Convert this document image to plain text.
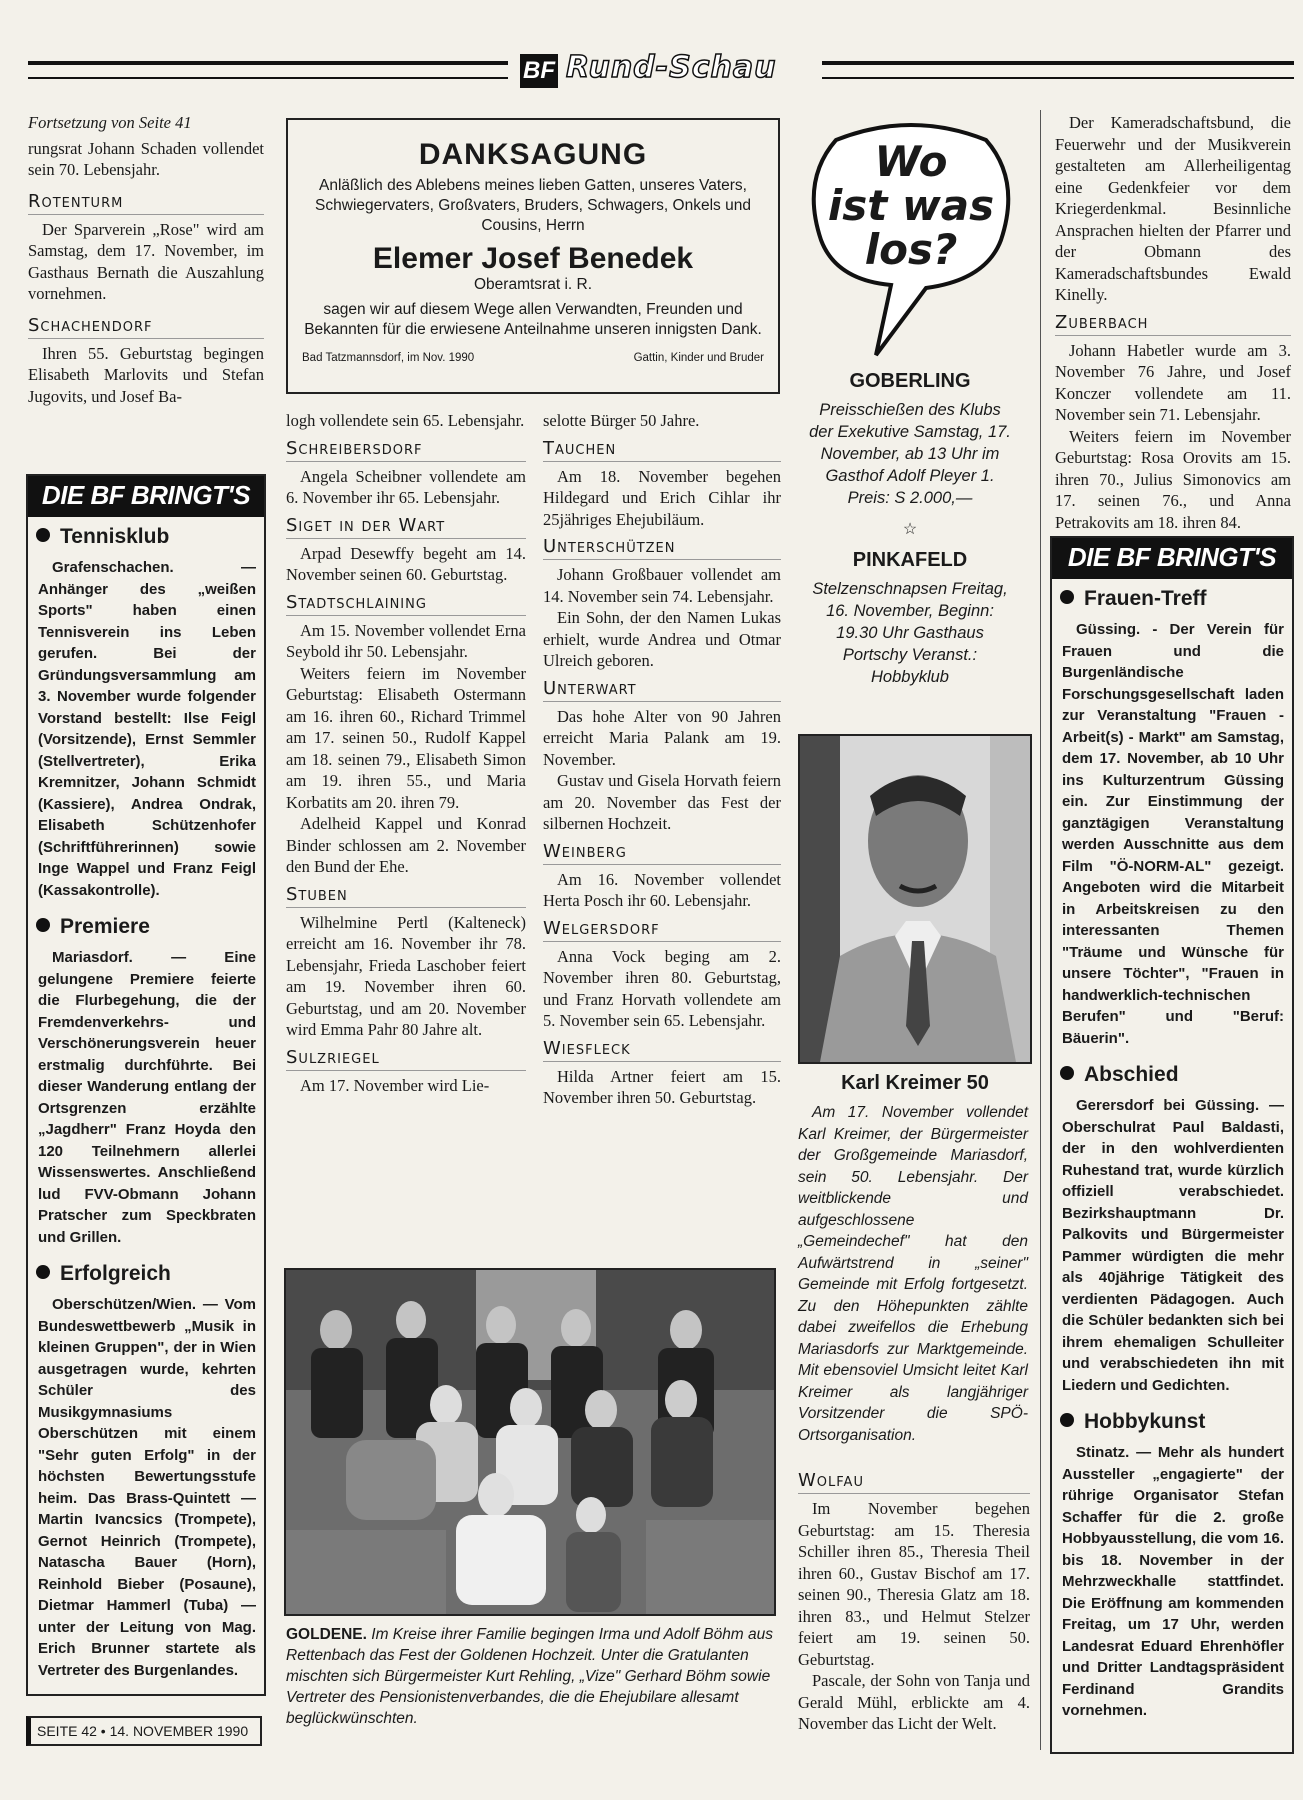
BF Rund-Schau

Fortsetzung von Seite 41

rungsrat Johann Schaden vollendet sein 70. Lebensjahr.

Rotenturm

Der Sparverein „Rose" wird am Samstag, dem 17. November, im Gasthaus Bernath die Auszahlung vornehmen.

Schachendorf

Ihren 55. Geburtstag begingen Elisabeth Marlovits und Stefan Jugovits, und Josef Ba-

DIE BF BRINGT'S
Tennisklub

Grafenschachen. — Anhänger des „weißen Sports" haben einen Tennisverein ins Leben gerufen. Bei der Gründungsversammlung am 3. November wurde folgender Vorstand bestellt: Ilse Feigl (Vorsitzende), Ernst Semmler (Stellvertreter), Erika Kremnitzer, Johann Schmidt (Kassiere), Andrea Ondrak, Elisabeth Schützenhofer (Schriftführerinnen) sowie Inge Wappel und Franz Feigl (Kassakontrolle).

Premiere

Mariasdorf. — Eine gelungene Premiere feierte die Flurbegehung, die der Fremdenverkehrs- und Verschönerungsverein heuer erstmalig durchführte. Bei dieser Wanderung entlang der Ortsgrenzen erzählte „Jagdherr" Franz Hoyda den 120 Teilnehmern allerlei Wissenswertes. Anschließend lud FVV-Obmann Johann Pratscher zum Speckbraten und Grillen.

Erfolgreich

Oberschützen/Wien. — Vom Bundeswettbewerb „Musik in kleinen Gruppen", der in Wien ausgetragen wurde, kehrten Schüler des Musikgymnasiums Oberschützen mit einem "Sehr guten Erfolg" in der höchsten Bewertungsstufe heim. Das Brass-Quintett — Martin Ivancsics (Trompete), Gernot Heinrich (Trompete), Natascha Bauer (Horn), Reinhold Bieber (Posaune), Dietmar Hammerl (Tuba) — unter der Leitung von Mag. Erich Brunner startete als Vertreter des Burgenlandes.

SEITE 42 • 14. NOVEMBER 1990
DANKSAGUNG
Anläßlich des Ablebens meines lieben Gatten, unseres Vaters, Schwiegervaters, Großvaters, Bruders, Schwagers, Onkels und Cousins, Herrn
Elemer Josef Benedek
Oberamtsrat i. R.
sagen wir auf diesem Wege allen Verwandten, Freunden und Bekannten für die erwiesene Anteilnahme unseren innigsten Dank.
Bad Tatzmannsdorf, im Nov. 1990	Gattin, Kinder und Bruder

logh vollendete sein 65. Lebensjahr.

Schreibersdorf

Angela Scheibner vollendete am 6. November ihr 65. Lebensjahr.

Siget in der Wart

Arpad Desewffy begeht am 14. November seinen 60. Geburtstag.

Stadtschlaining

Am 15. November vollendet Erna Seybold ihr 50. Lebensjahr.

Weiters feiern im November Geburtstag: Elisabeth Ostermann am 16. ihren 60., Richard Trimmel am 17. seinen 50., Rudolf Kappel am 18. seinen 79., Elisabeth Simon am 19. ihren 55., und Maria Korbatits am 20. ihren 79.

Adelheid Kappel und Konrad Binder schlossen am 2. November den Bund der Ehe.

Stuben

Wilhelmine Pertl (Kalteneck) erreicht am 16. November ihr 78. Lebensjahr, Frieda Laschober feiert am 19. November ihren 60. Geburtstag, und am 20. November wird Emma Pahr 80 Jahre alt.

Sulzriegel

Am 17. November wird Lie-

selotte Bürger 50 Jahre.

Tauchen

Am 18. November begehen Hildegard und Erich Cihlar ihr 25jähriges Ehejubiläum.

Unterschützen

Johann Großbauer vollendet am 14. November sein 74. Lebensjahr.

Ein Sohn, der den Namen Lukas erhielt, wurde Andrea und Otmar Ulreich geboren.

Unterwart

Das hohe Alter von 90 Jahren erreicht Maria Palank am 19. November.

Gustav und Gisela Horvath feiern am 20. November das Fest der silbernen Hochzeit.

Weinberg

Am 16. November vollendet Herta Posch ihr 60. Lebensjahr.

Welgersdorf

Anna Vock beging am 2. November ihren 80. Geburtstag, und Franz Horvath vollendete am 5. November sein 65. Lebensjahr.

Wiesfleck

Hilda Artner feiert am 15. November ihren 50. Geburtstag.

GOLDENE. Im Kreise ihrer Familie begingen Irma und Adolf Böhm aus Rettenbach das Fest der Goldenen Hochzeit. Unter die Gratulanten mischten sich Bürgermeister Kurt Rehling, „Vize" Gerhard Böhm sowie Vertreter des Pensionistenverbandes, die die Ehejubilare allesamt beglückwünschten.
Wo
ist was
los?
GOBERLING
Preisschießen des Klubs der Exekutive Samstag, 17. November, ab 13 Uhr im Gasthof Adolf Pleyer 1. Preis: S 2.000,—
☆
PINKAFELD
Stelzenschnapsen Freitag, 16. November, Beginn: 19.30 Uhr Gasthaus Portschy Veranst.: Hobbyklub
Karl Kreimer 50
Am 17. November vollendet Karl Kreimer, der Bürgermeister der Großgemeinde Mariasdorf, sein 50. Lebensjahr. Der weitblickende und aufgeschlossene „Gemeindechef" hat den Aufwärtstrend in „seiner" Gemeinde mit Erfolg fortgesetzt. Zu den Höhepunkten zählte dabei zweifellos die Erhebung Mariasdorfs zur Marktgemeinde. Mit ebensoviel Umsicht leitet Karl Kreimer als langjähriger Vorsitzender die SPÖ-Ortsorganisation.
Wolfau

Im November begehen Geburtstag: am 15. Theresia Schiller ihren 85., Theresia Theil ihren 60., Gustav Bischof am 17. seinen 90., Theresia Glatz am 18. ihren 83., und Helmut Stelzer feiert am 19. seinen 50. Geburtstag.

Pascale, der Sohn von Tanja und Gerald Mühl, erblickte am 4. November das Licht der Welt.

Der Kameradschaftsbund, die Feuerwehr und der Musikverein gestalteten am Allerheiligentag eine Gedenkfeier vor dem Kriegerdenkmal. Besinnliche Ansprachen hielten der Pfarrer und der Obmann des Kameradschaftsbundes Ewald Kinelly.

Zuberbach

Johann Habetler wurde am 3. November 76 Jahre, und Josef Konczer vollendete am 11. November sein 71. Lebensjahr.

Weiters feiern im November Geburtstag: Rosa Orovits am 15. ihren 70., Julius Simonovics am 17. seinen 76., und Anna Petrakovits am 18. ihren 84.

DIE BF BRINGT'S
Frauen-Treff

Güssing. - Der Verein für Frauen und die Burgenländische Forschungsgesellschaft laden zur Veranstaltung "Frauen - Arbeit(s) - Markt" am Samstag, dem 17. November, ab 10 Uhr ins Kulturzentrum Güssing ein. Zur Einstimmung der ganztägigen Veranstaltung werden Ausschnitte aus dem Film "Ö-NORM-AL" gezeigt. Angeboten wird die Mitarbeit in Arbeitskreisen zu den interessanten Themen "Träume und Wünsche für unsere Töchter", "Frauen in handwerklich-technischen Berufen" und "Beruf: Bäuerin".

Abschied

Gerersdorf bei Güssing. — Oberschulrat Paul Baldasti, der in den wohlverdienten Ruhestand trat, wurde kürzlich offiziell verabschiedet. Bezirkshauptmann Dr. Palkovits und Bürgermeister Pammer würdigten die mehr als 40jährige Tätigkeit des verdienten Pädagogen. Auch die Schüler bedankten sich bei ihrem ehemaligen Schulleiter und verabschiedeten ihn mit Liedern und Gedichten.

Hobbykunst

Stinatz. — Mehr als hundert Aussteller „engagierte" der rührige Organisator Stefan Schaffer für die 2. große Hobbyausstellung, die vom 16. bis 18. November in der Mehrzweckhalle stattfindet. Die Eröffnung am kommenden Freitag, um 17 Uhr, werden Landesrat Eduard Ehrenhöfler und Dritter Landtagspräsident Ferdinand Grandits vornehmen.
